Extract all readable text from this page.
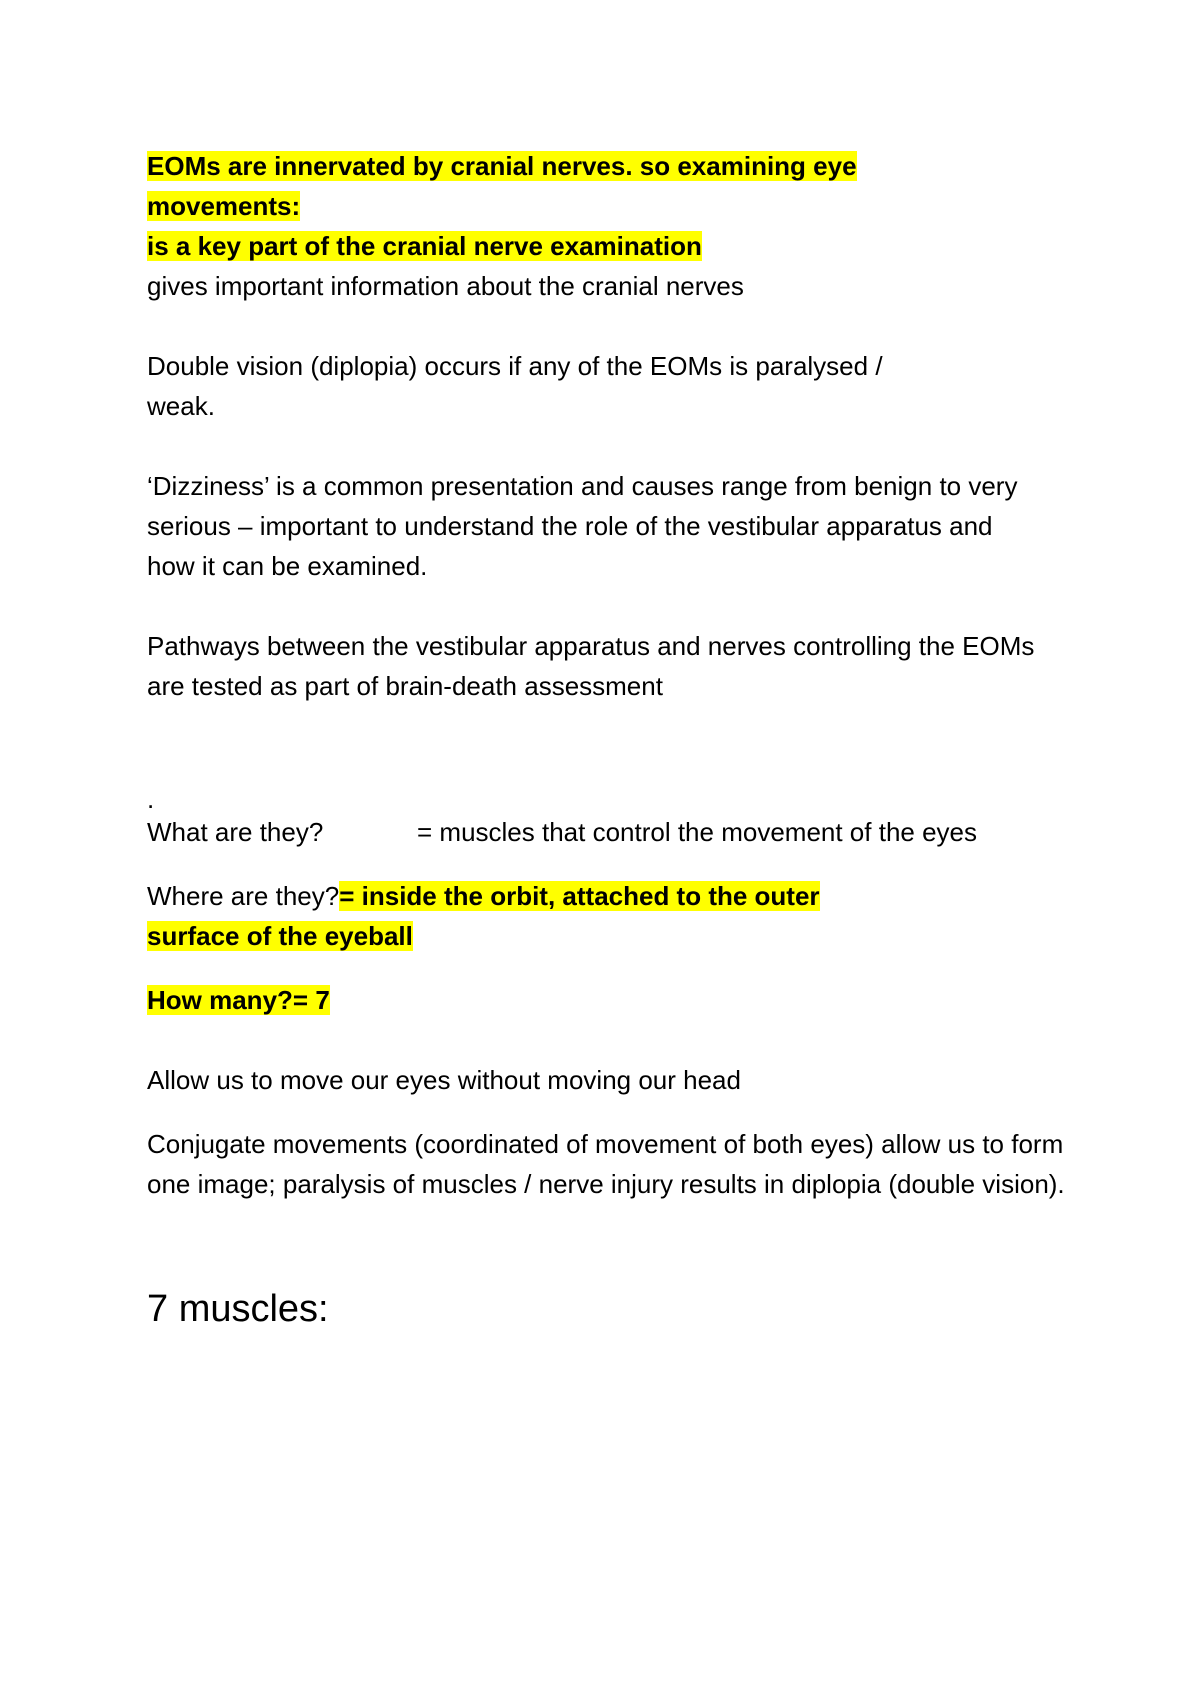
EOMs are innervated by cranial nerves. so examining eye
movements:
is a key part of the cranial nerve examination
gives important information about the cranial nerves

Double vision (diplopia) occurs if any of the EOMs is paralysed / weak.

‘Dizziness’ is a common presentation and causes range from benign to very serious – important to understand the role of the vestibular apparatus and how it can be examined.

Pathways between the vestibular apparatus and nerves controlling the EOMs are tested as part of brain-death assessment

.

What are they?	= muscles that control the movement of the eyes

Where are they?= inside the orbit, attached to the outer
surface of the eyeball

How many?= 7

Allow us to move our eyes without moving our head

Conjugate movements (coordinated of movement of both eyes) allow us to form one image; paralysis of muscles / nerve injury results in diplopia (double vision).

7 muscles:
